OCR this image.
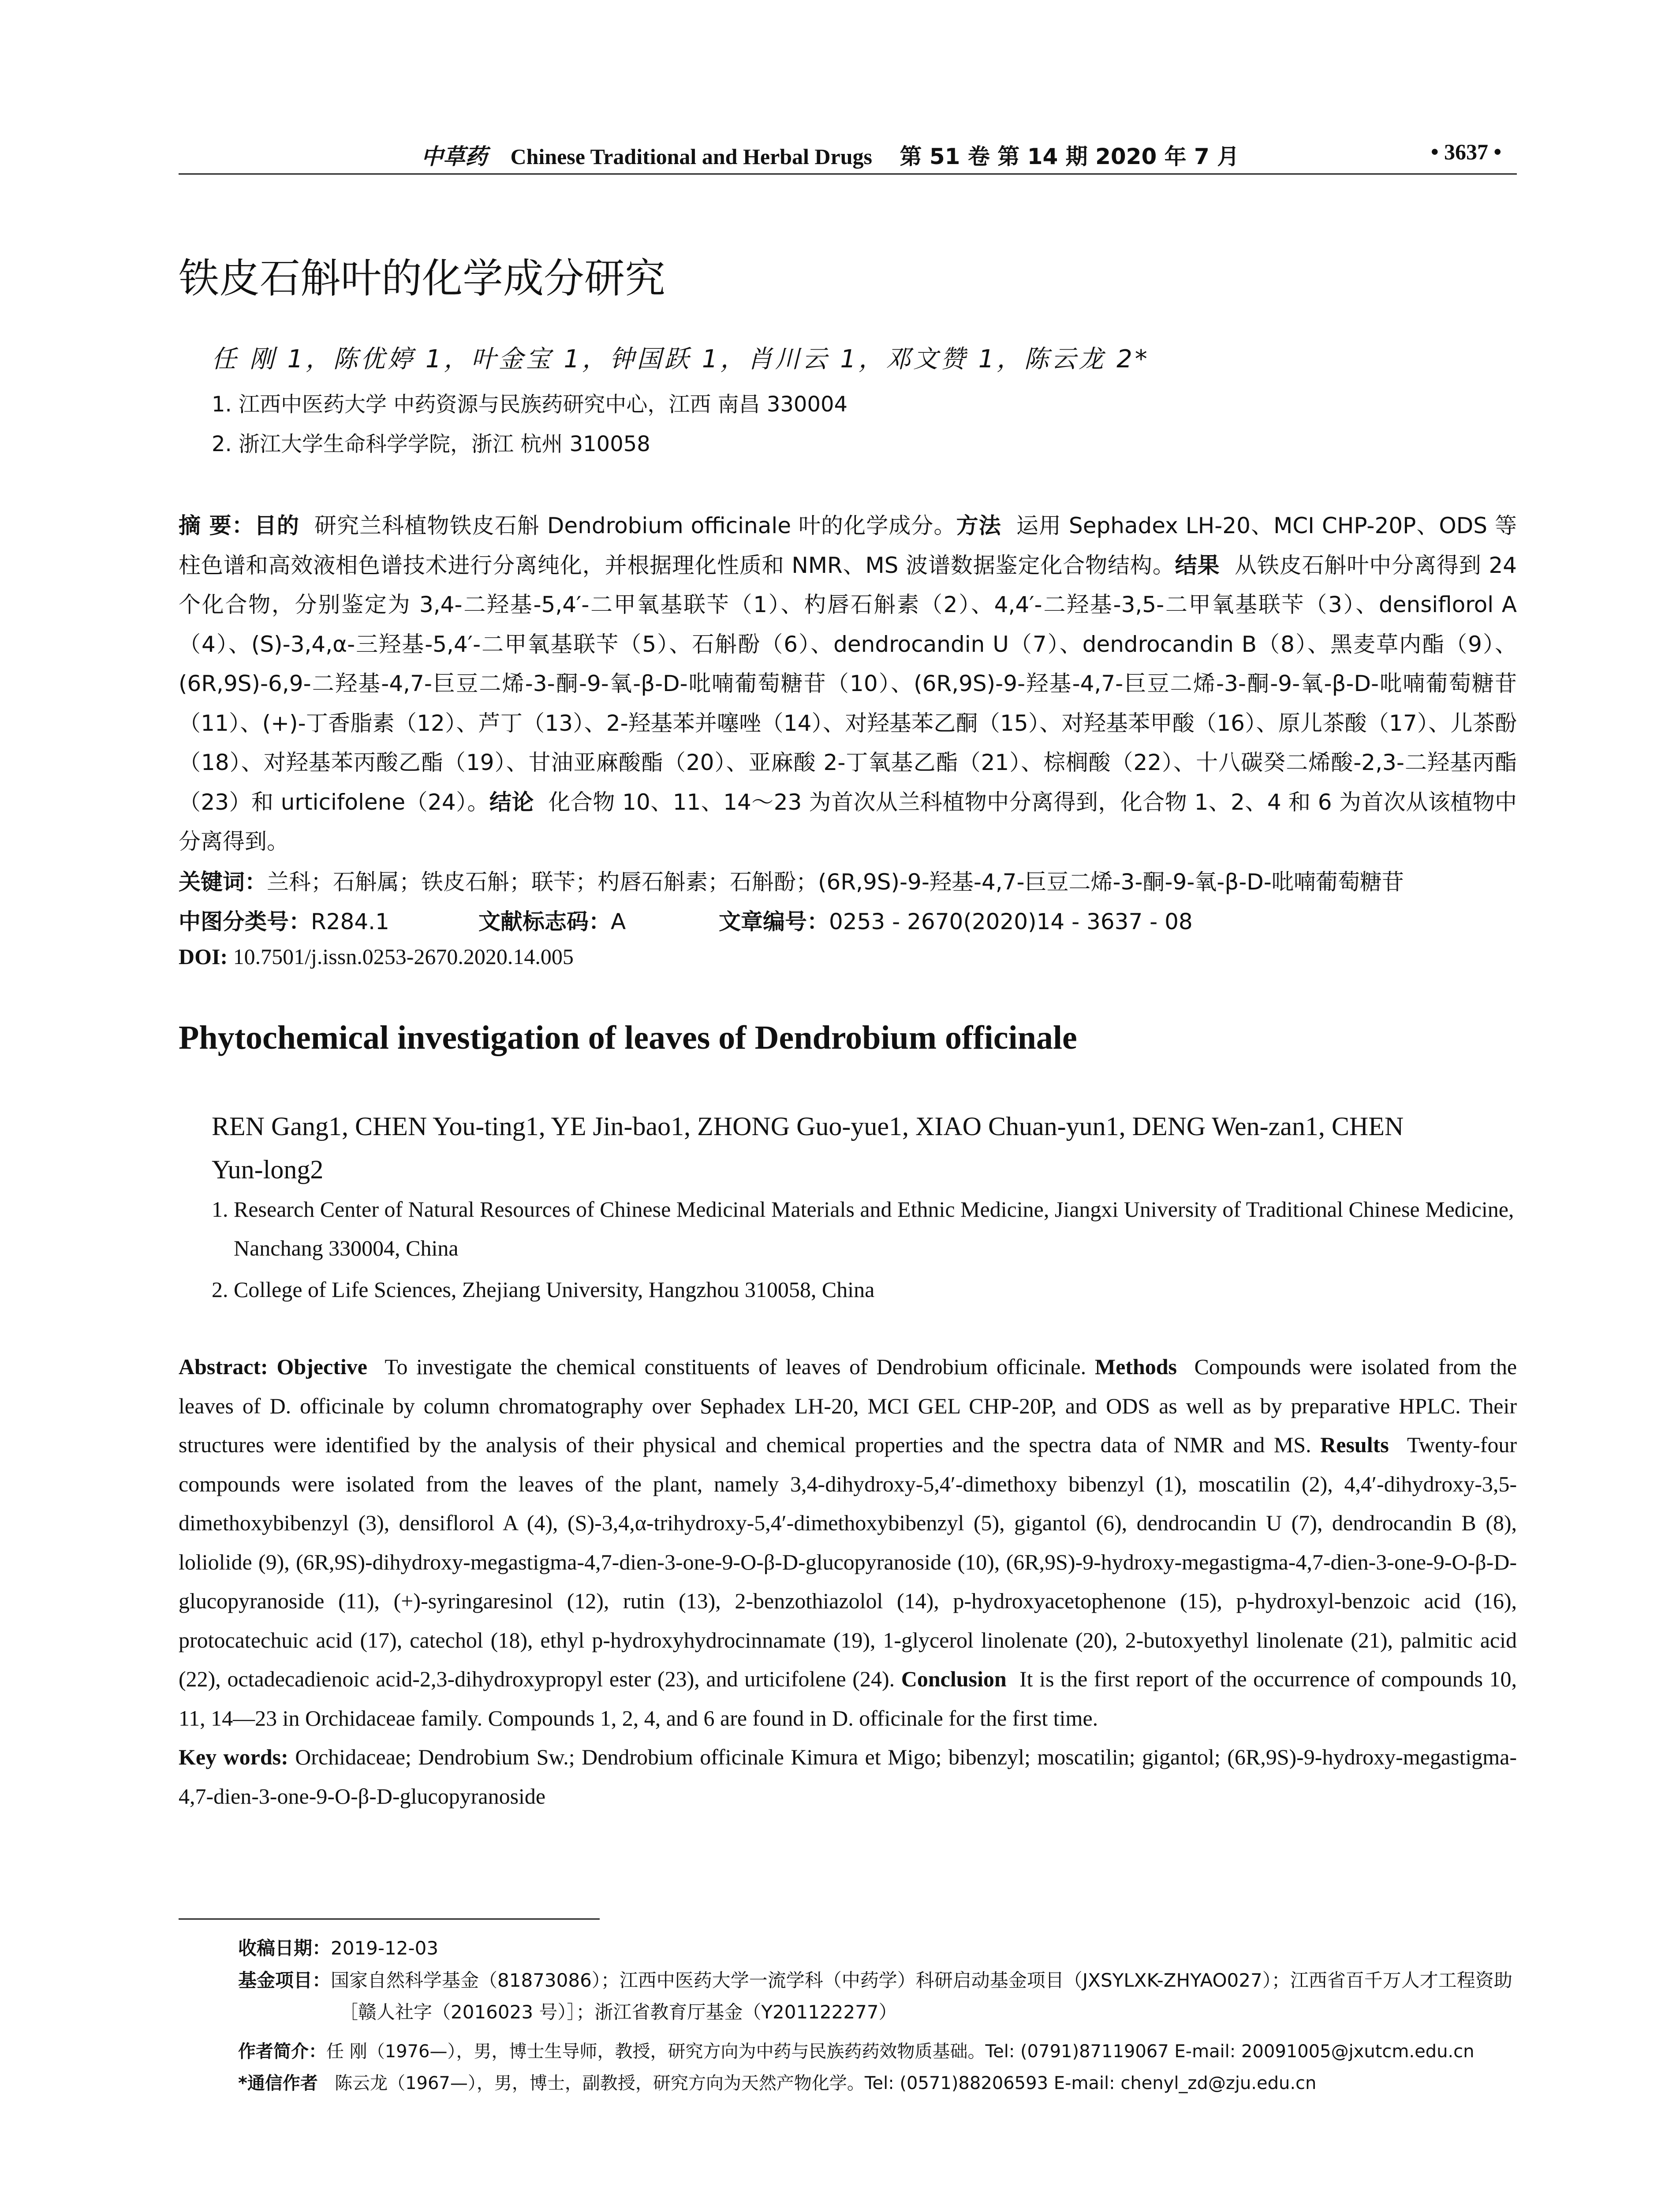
中草药 Chinese Traditional and Herbal Drugs 第 51 卷 第 14 期 2020 年 7 月	• 3637 •
铁皮石斛叶的化学成分研究
任 刚 1，陈优婷 1，叶金宝 1，钟国跃 1，肖川云 1，邓文赞 1，陈云龙 2*
1. 江西中医药大学 中药资源与民族药研究中心，江西 南昌 330004
2. 浙江大学生命科学学院，浙江 杭州 310058

摘 要：目的 研究兰科植物铁皮石斛 Dendrobium officinale 叶的化学成分。方法 运用 Sephadex LH-20、MCI CHP-20P、ODS 等柱色谱和高效液相色谱技术进行分离纯化，并根据理化性质和 NMR、MS 波谱数据鉴定化合物结构。结果 从铁皮石斛叶中分离得到 24 个化合物，分别鉴定为 3,4-二羟基-5,4′-二甲氧基联苄（1）、杓唇石斛素（2）、4,4′-二羟基-3,5-二甲氧基联苄（3）、densiflorol A（4）、(S)-3,4,α-三羟基-5,4′-二甲氧基联苄（5）、石斛酚（6）、dendrocandin U（7）、dendrocandin B（8）、黑麦草内酯（9）、(6R,9S)-6,9-二羟基-4,7-巨豆二烯-3-酮-9-氧-β-D-吡喃葡萄糖苷（10）、(6R,9S)-9-羟基-4,7-巨豆二烯-3-酮-9-氧-β-D-吡喃葡萄糖苷（11）、(+)-丁香脂素（12）、芦丁（13）、2-羟基苯并噻唑（14）、对羟基苯乙酮（15）、对羟基苯甲酸（16）、原儿茶酸（17）、儿茶酚（18）、对羟基苯丙酸乙酯（19）、甘油亚麻酸酯（20）、亚麻酸 2-丁氧基乙酯（21）、棕榈酸（22）、十八碳癸二烯酸-2,3-二羟基丙酯（23）和 urticifolene（24）。结论 化合物 10、11、14～23 为首次从兰科植物中分离得到，化合物 1、2、4 和 6 为首次从该植物中分离得到。

关键词：兰科；石斛属；铁皮石斛；联苄；杓唇石斛素；石斛酚；(6R,9S)-9-羟基-4,7-巨豆二烯-3-酮-9-氧-β-D-吡喃葡萄糖苷
中图分类号：R284.1	文献标志码：A	文章编号：0253 - 2670(2020)14 - 3637 - 08
DOI: 10.7501/j.issn.0253-2670.2020.14.005
Phytochemical investigation of leaves of Dendrobium officinale
REN Gang1, CHEN You-ting1, YE Jin-bao1, ZHONG Guo-yue1, XIAO Chuan-yun1, DENG Wen-zan1, CHEN
Yun-long2
1. Research Center of Natural Resources of Chinese Medicinal Materials and Ethnic Medicine, Jiangxi University of Traditional Chinese Medicine, Nanchang 330004, China
2. College of Life Sciences, Zhejiang University, Hangzhou 310058, China

Abstract: Objective To investigate the chemical constituents of leaves of Dendrobium officinale. Methods Compounds were isolated from the leaves of D. officinale by column chromatography over Sephadex LH-20, MCI GEL CHP-20P, and ODS as well as by preparative HPLC. Their structures were identified by the analysis of their physical and chemical properties and the spectra data of NMR and MS. Results Twenty-four compounds were isolated from the leaves of the plant, namely 3,4-dihydroxy-5,4′-dimethoxy bibenzyl (1), moscatilin (2), 4,4′-dihydroxy-3,5-dimethoxybibenzyl (3), densiflorol A (4), (S)-3,4,α-trihydroxy-5,4′-dimethoxybibenzyl (5), gigantol (6), dendrocandin U (7), dendrocandin B (8), loliolide (9), (6R,9S)-dihydroxy-megastigma-4,7-dien-3-one-9-O-β-D-glucopyranoside (10), (6R,9S)-9-hydroxy-megastigma-4,7-dien-3-one-9-O-β-D-glucopyranoside (11), (+)-syringaresinol (12), rutin (13), 2-benzothiazolol (14), p-hydroxyacetophenone (15), p-hydroxyl-benzoic acid (16), protocatechuic acid (17), catechol (18), ethyl p-hydroxyhydrocinnamate (19), 1-glycerol linolenate (20), 2-butoxyethyl linolenate (21), palmitic acid (22), octadecadienoic acid-2,3-dihydroxypropyl ester (23), and urticifolene (24). Conclusion It is the first report of the occurrence of compounds 10, 11, 14—23 in Orchidaceae family. Compounds 1, 2, 4, and 6 are found in D. officinale for the first time.

Key words: Orchidaceae; Dendrobium Sw.; Dendrobium officinale Kimura et Migo; bibenzyl; moscatilin; gigantol; (6R,9S)-9-hydroxy-megastigma-4,7-dien-3-one-9-O-β-D-glucopyranoside

收稿日期：2019-12-03
基金项目：国家自然科学基金（81873086）；江西中医药大学一流学科（中药学）科研启动基金项目（JXSYLXK-ZHYAO027）；江西省百千万人才工程资助［赣人社字（2016023 号）］；浙江省教育厅基金（Y201122277）
作者简介：任 刚（1976—），男，博士生导师，教授，研究方向为中药与民族药药效物质基础。Tel: (0791)87119067 E-mail: 20091005@jxutcm.edu.cn
*通信作者 陈云龙（1967—），男，博士，副教授，研究方向为天然产物化学。Tel: (0571)88206593 E-mail: chenyl_zd@zju.edu.cn
